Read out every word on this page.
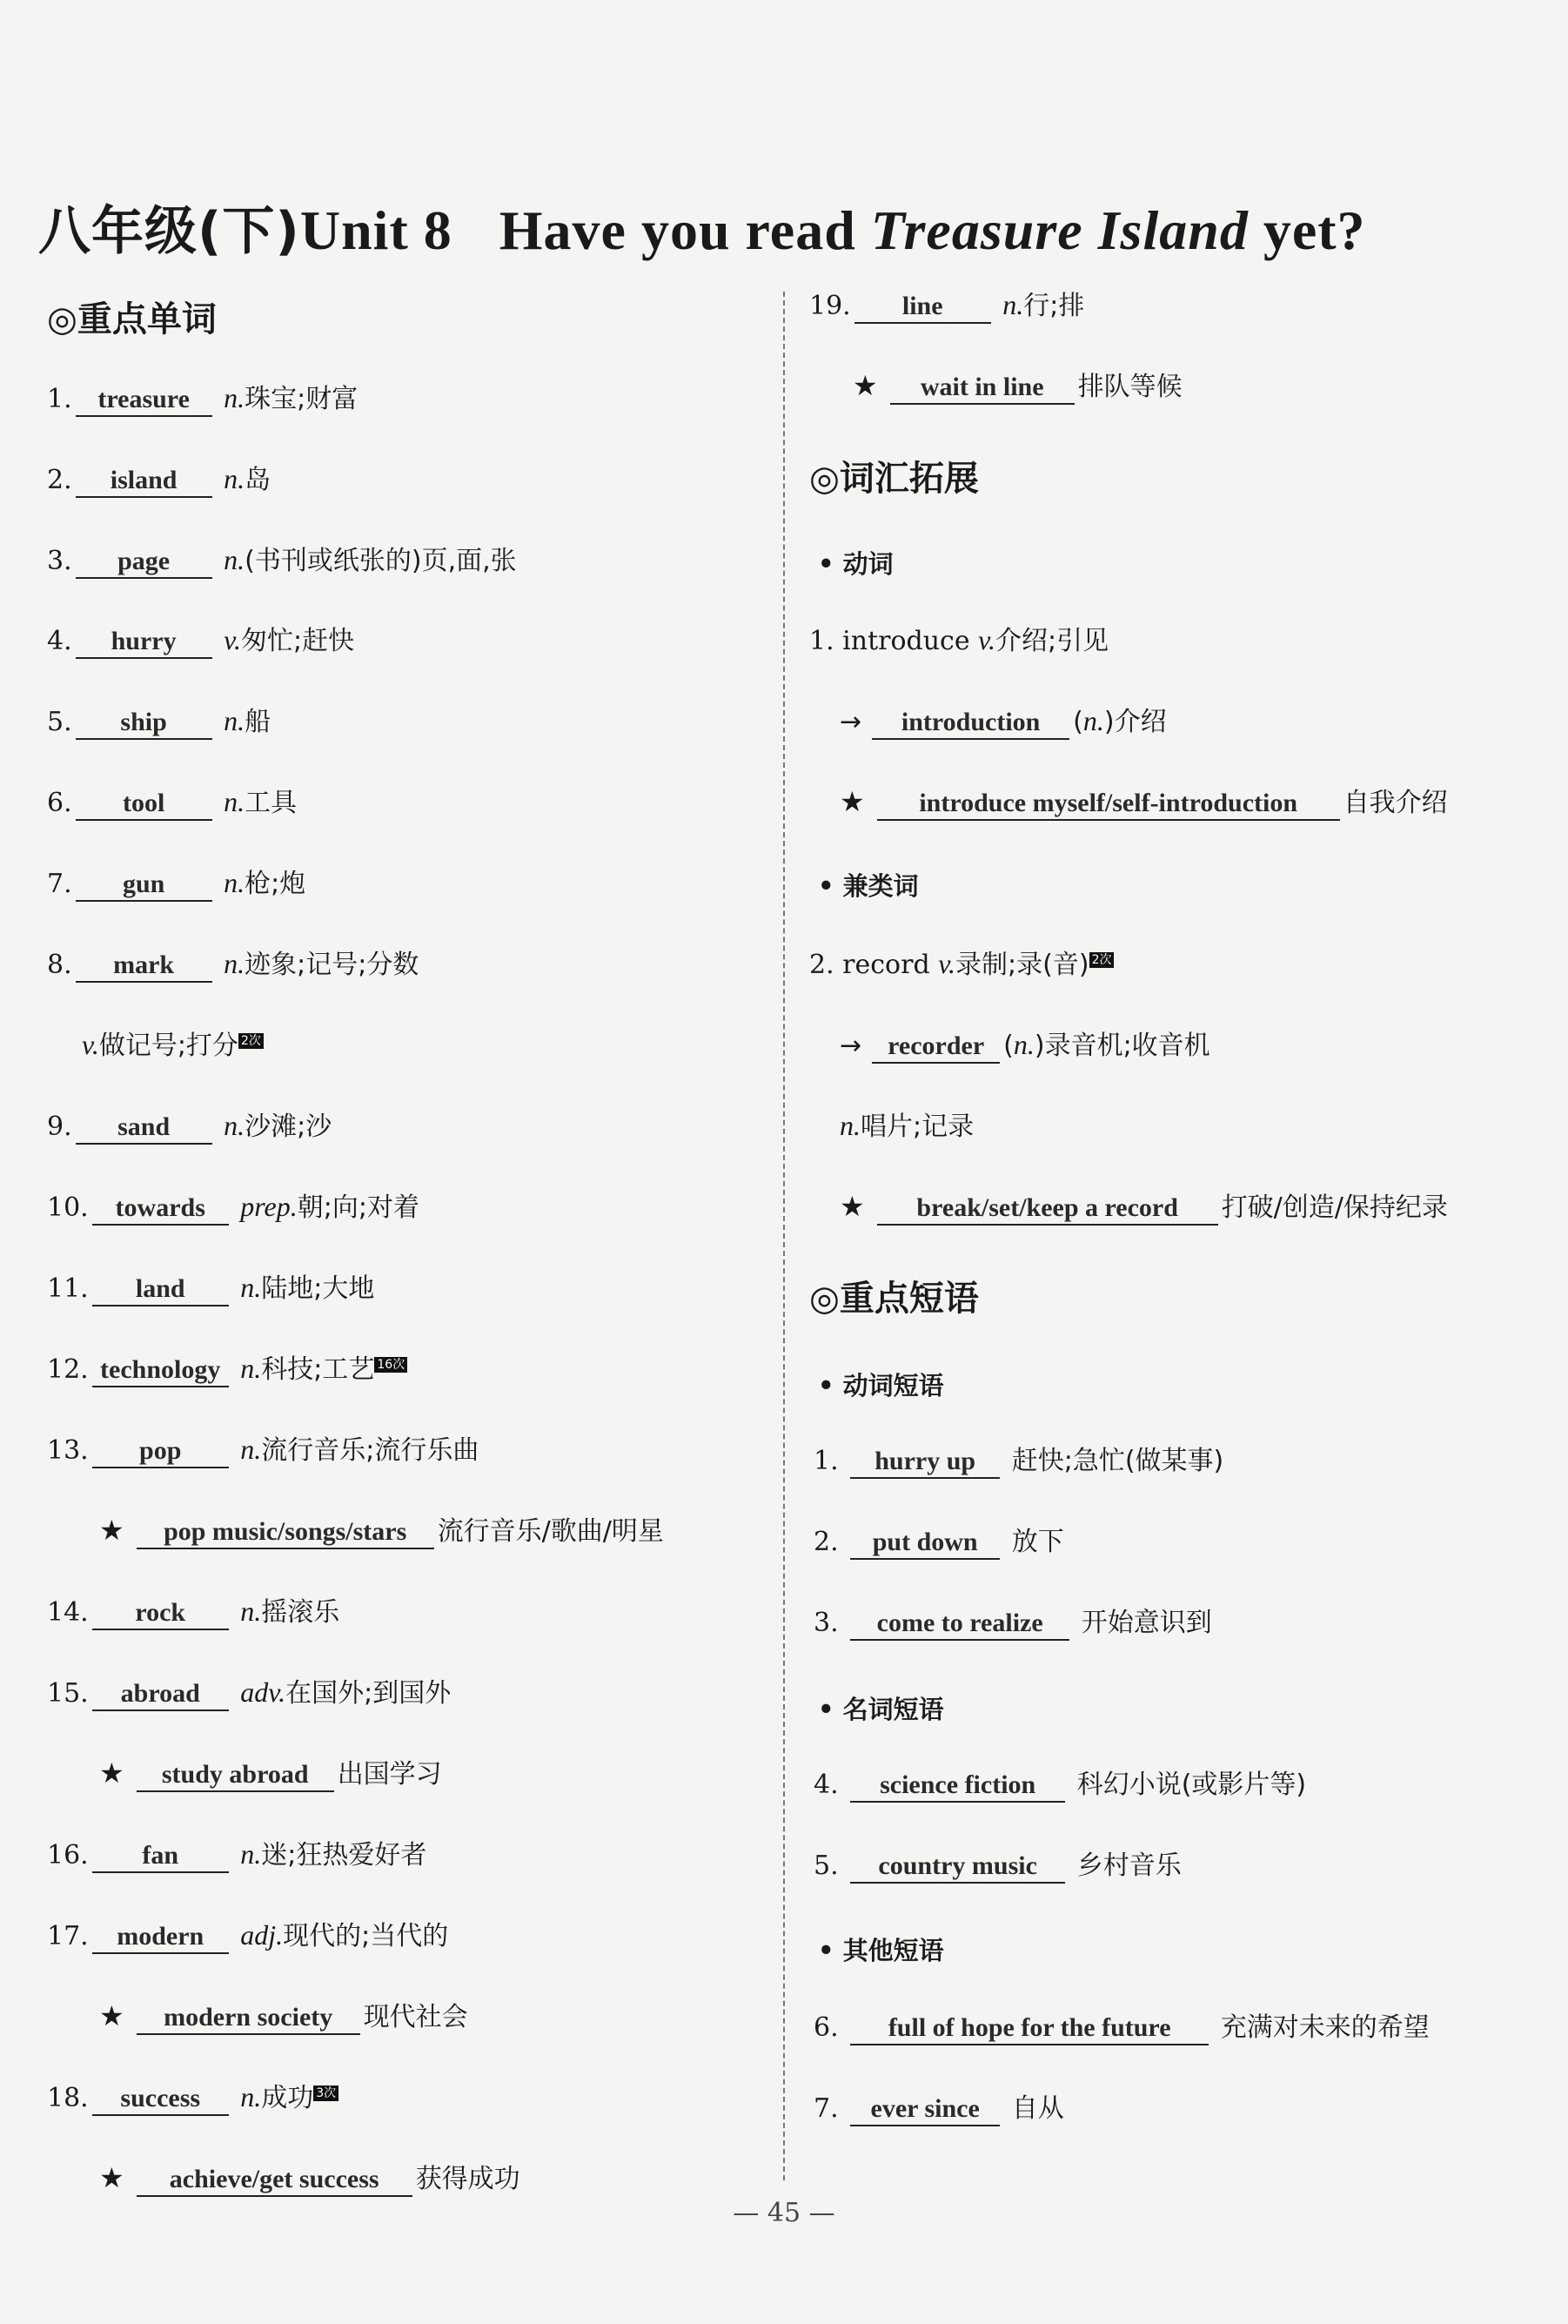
八年级(下)Unit 8 Have you read Treasure Island yet?
◎重点单词
1. treasure n.珠宝;财富
2. island n.岛
3. page n.(书刊或纸张的)页,面,张
4. hurry v.匆忙;赶快
5. ship n.船
6. tool n.工具
7. gun n.枪;炮
8. mark n.迹象;记号;分数
v.做记号;打分 2次
9. sand n.沙滩;沙
10. towards prep.朝;向;对着
11. land n.陆地;大地
12. technology n.科技;工艺 16次
13. pop n.流行音乐;流行乐曲
★ pop music/songs/stars 流行音乐/歌曲/明星
14. rock n.摇滚乐
15. abroad adv.在国外;到国外
★ study abroad 出国学习
16. fan n.迷;狂热爱好者
17. modern adj.现代的;当代的
★ modern society 现代社会
18. success n.成功 3次
★ achieve/get success 获得成功
19. line n.行;排
★ wait in line 排队等候
◎词汇拓展
• 动词
1. introduce v.介绍;引见
→ introduction (n.)介绍
★ introduce myself/self-introduction 自我介绍
• 兼类词
2. record v.录制;录(音) 2次
→ recorder (n.)录音机;收音机
n.唱片;记录
★ break/set/keep a record 打破/创造/保持纪录
◎重点短语
• 动词短语
1. hurry up 赶快;急忙(做某事)
2. put down 放下
3. come to realize 开始意识到
• 名词短语
4. science fiction 科幻小说(或影片等)
5. country music 乡村音乐
• 其他短语
6. full of hope for the future 充满对未来的希望
7. ever since 自从
— 45 —
